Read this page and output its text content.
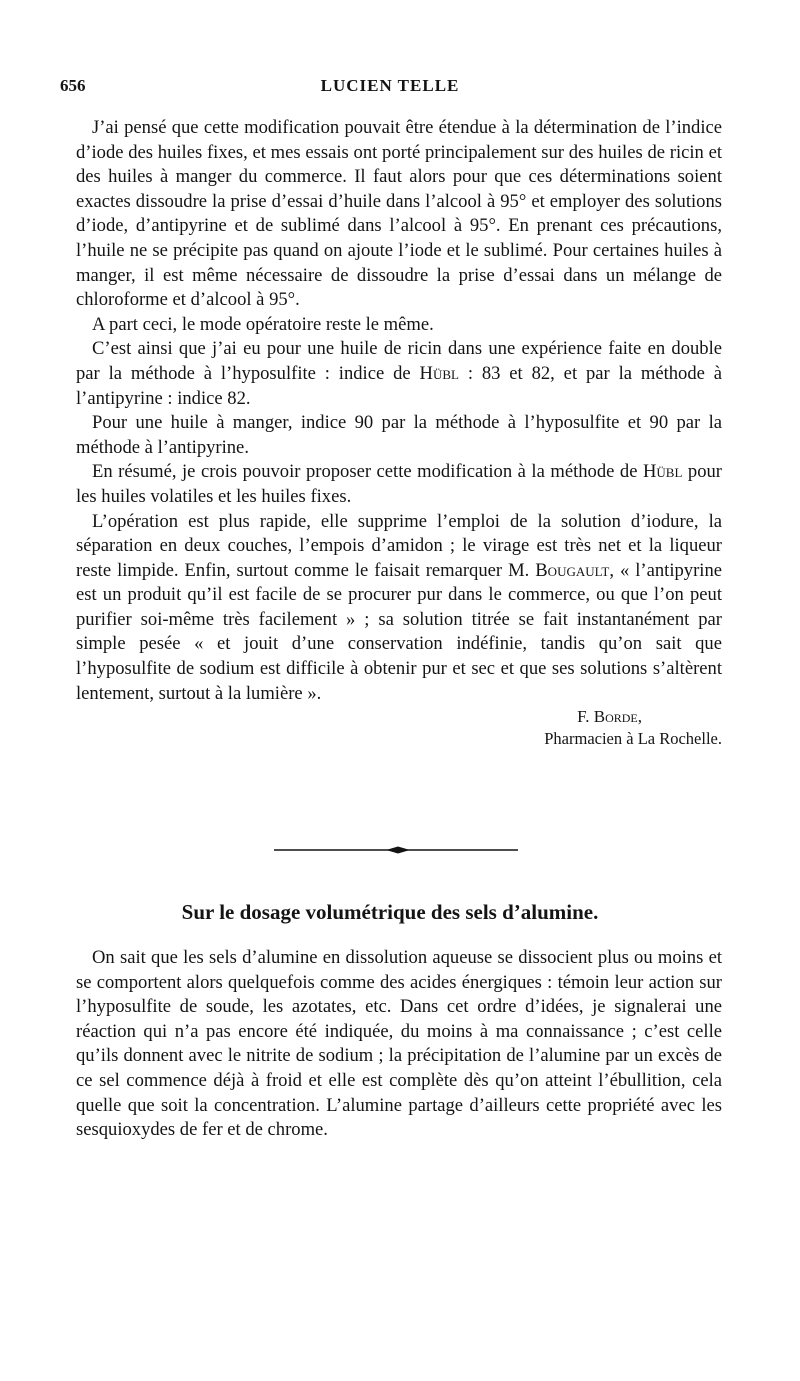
656	LUCIEN TELLE

J’ai pensé que cette modification pouvait être étendue à la détermination de l’indice d’iode des huiles fixes, et mes essais ont porté principalement sur des huiles de ricin et des huiles à manger du commerce. Il faut alors pour que ces déterminations soient exactes dissoudre la prise d’essai d’huile dans l’alcool à 95° et employer des solutions d’iode, d’antipyrine et de sublimé dans l’alcool à 95°. En prenant ces précautions, l’huile ne se précipite pas quand on ajoute l’iode et le sublimé. Pour certaines huiles à manger, il est même nécessaire de dissoudre la prise d’essai dans un mélange de chloroforme et d’alcool à 95°.

A part ceci, le mode opératoire reste le même.

C’est ainsi que j’ai eu pour une huile de ricin dans une expérience faite en double par la méthode à l’hyposulfite : indice de Hübl : 83 et 82, et par la méthode à l’antipyrine : indice 82.

Pour une huile à manger, indice 90 par la méthode à l’hyposulfite et 90 par la méthode à l’antipyrine.

En résumé, je crois pouvoir proposer cette modification à la méthode de Hübl pour les huiles volatiles et les huiles fixes.

L’opération est plus rapide, elle supprime l’emploi de la solution d’iodure, la séparation en deux couches, l’empois d’amidon ; le virage est très net et la liqueur reste limpide. Enfin, surtout comme le faisait remarquer M. Bougault, « l’antipyrine est un produit qu’il est facile de se procurer pur dans le commerce, ou que l’on peut purifier soi-même très facilement » ; sa solution titrée se fait instantanément par simple pesée « et jouit d’une conservation indéfinie, tandis qu’on sait que l’hyposulfite de sodium est difficile à obtenir pur et sec et que ses solutions s’altèrent lentement, surtout à la lumière ».

F. Borde,
Pharmacien à La Rochelle.
Sur le dosage volumétrique des sels d’alumine.

On sait que les sels d’alumine en dissolution aqueuse se dissocient plus ou moins et se comportent alors quelquefois comme des acides énergiques : témoin leur action sur l’hyposulfite de soude, les azotates, etc. Dans cet ordre d’idées, je signalerai une réaction qui n’a pas encore été indiquée, du moins à ma connaissance ; c’est celle qu’ils donnent avec le nitrite de sodium ; la précipitation de l’alumine par un excès de ce sel commence déjà à froid et elle est complète dès qu’on atteint l’ébullition, cela quelle que soit la concentration. L’alumine partage d’ailleurs cette propriété avec les sesquioxydes de fer et de chrome.
